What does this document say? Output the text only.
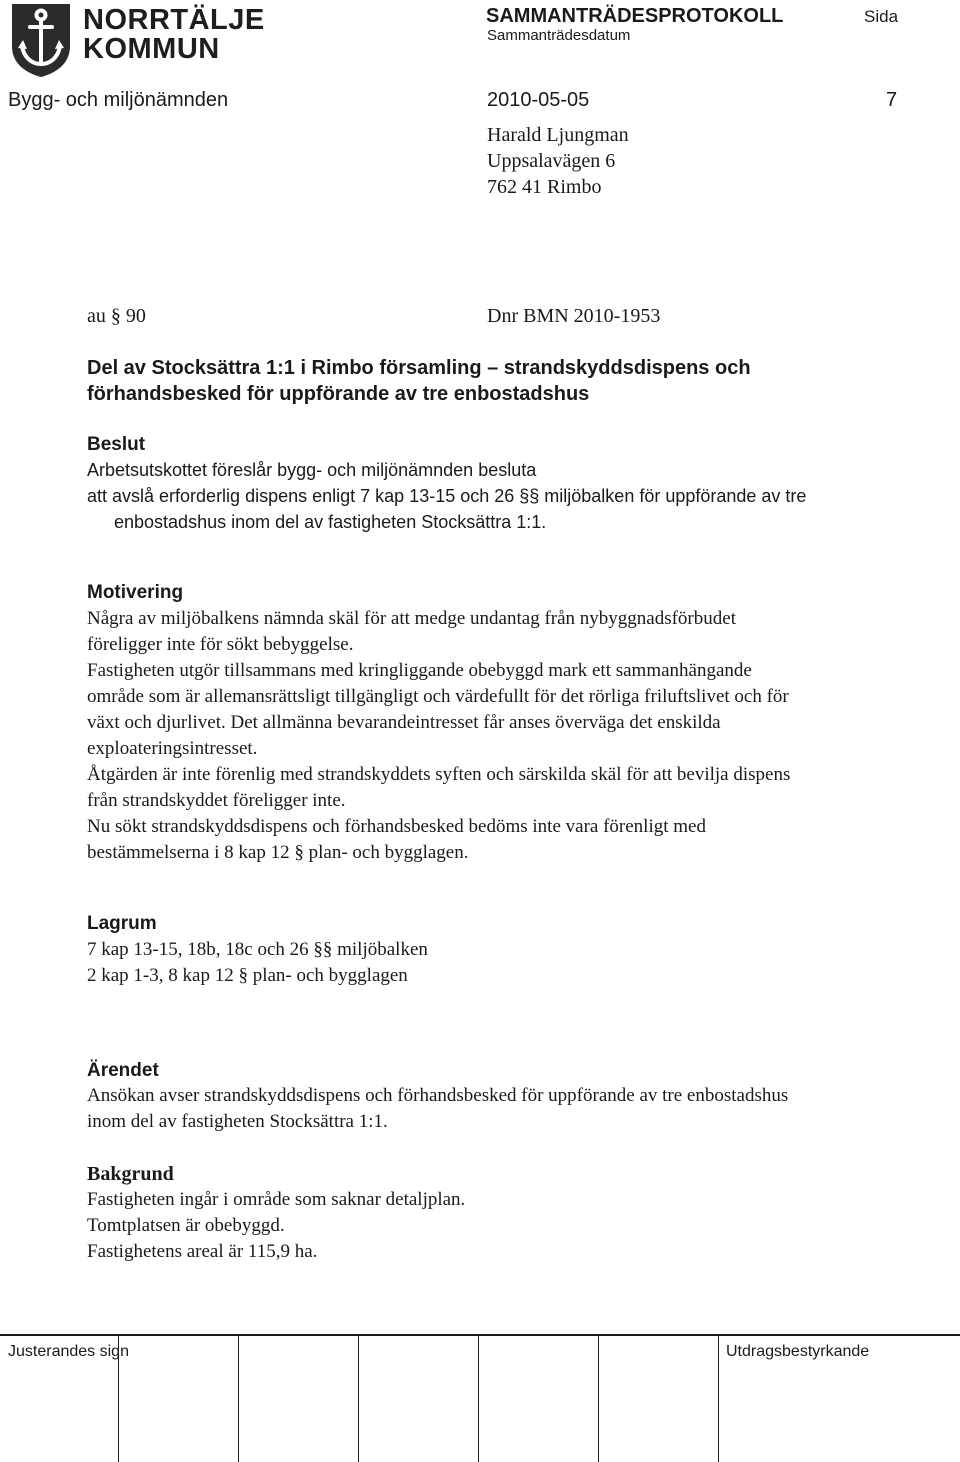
NORRTÄLJE
KOMMUN
SAMMANTRÄDESPROTOKOLL	Sida
Sammanträdesdatum
Bygg- och miljönämnden	2010-05-05	7
Harald Ljungman
Uppsalavägen 6
762 41 Rimbo
au § 90	Dnr BMN 2010-1953
Del av Stocksättra 1:1 i Rimbo församling – strandskyddsdispens och
förhandsbesked för uppförande av tre enbostadshus
Beslut
Arbetsutskottet föreslår bygg- och miljönämnden besluta
att avslå erforderlig dispens enligt 7 kap 13-15 och 26 §§ miljöbalken för uppförande av tre
enbostadshus inom del av fastigheten Stocksättra 1:1.
Motivering
Några av miljöbalkens nämnda skäl för att medge undantag från nybyggnadsförbudet
föreligger inte för sökt bebyggelse.
Fastigheten utgör tillsammans med kringliggande obebyggd mark ett sammanhängande
område som är allemansrättsligt tillgängligt och värdefullt för det rörliga friluftslivet och för
växt och djurlivet. Det allmänna bevarandeintresset får anses överväga det enskilda
exploateringsintresset.
Åtgärden är inte förenlig med strandskyddets syften och särskilda skäl för att bevilja dispens
från strandskyddet föreligger inte.
Nu sökt strandskyddsdispens och förhandsbesked bedöms inte vara förenligt med
bestämmelserna i 8 kap 12 § plan- och bygglagen.
Lagrum
7 kap 13-15, 18b, 18c och 26 §§ miljöbalken
2 kap 1-3, 8 kap 12 § plan- och bygglagen
Ärendet
Ansökan avser strandskyddsdispens och förhandsbesked för uppförande av tre enbostadshus
inom del av fastigheten Stocksättra 1:1.
Bakgrund
Fastigheten ingår i område som saknar detaljplan.
Tomtplatsen är obebyggd.
Fastighetens areal är 115,9 ha.
Justerandes sign	Utdragsbestyrkande
